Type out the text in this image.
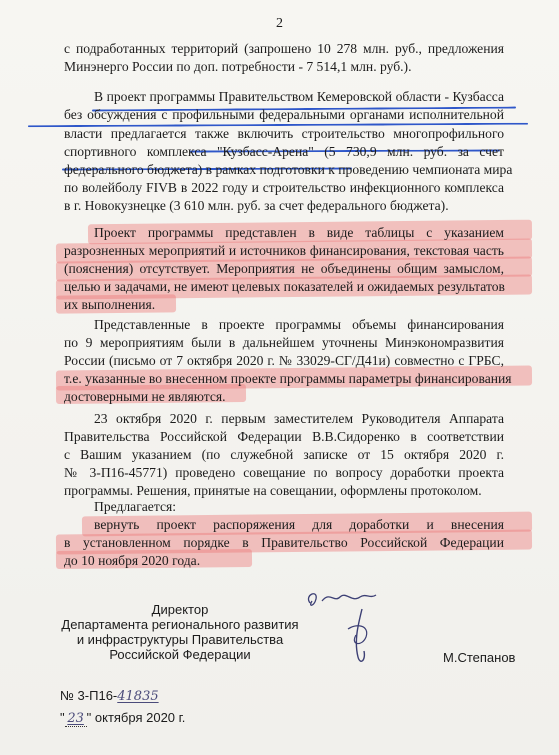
2
с подработанных территорий (запрошено 10 278 млн. руб., предложения
Минэнерго России по доп. потребности - 7 514,1 млн. руб.).
В проект программы Правительством Кемеровской области - Кузбасса
без обсуждения с профильными федеральными органами исполнительной
власти предлагается также включить строительство многопрофильного
спортивного комплекса "Кузбасс-Арена" (5 730,9 млн. руб. за счет
федерального бюджета) в рамках подготовки к проведению чемпионата мира
по волейболу FIVB в 2022 году и строительство инфекционного комплекса
в г. Новокузнецке (3 610 млн. руб. за счет федерального бюджета).
Проект программы представлен в виде таблицы с указанием
разрозненных мероприятий и источников финансирования, текстовая часть
(пояснения) отсутствует. Мероприятия не объединены общим замыслом,
целью и задачами, не имеют целевых показателей и ожидаемых результатов
их выполнения.
Представленные в проекте программы объемы финансирования
по 9 мероприятиям были в дальнейшем уточнены Минэкономразвития
России (письмо от 7 октября 2020 г. № 33029-СГ/Д41и) совместно с ГРБС,
т.е. указанные во внесенном проекте программы параметры финансирования
достоверными не являются.
23 октября 2020 г. первым заместителем Руководителя Аппарата
Правительства Российской Федерации В.В.Сидоренко в соответствии
с Вашим указанием (по служебной записке от 15 октября 2020 г.
№ 3-П16-45771) проведено совещание по вопросу доработки проекта
программы. Решения, принятые на совещании, оформлены протоколом.
Предлагается:
вернуть проект распоряжения для доработки и внесения
в установленном порядке в Правительство Российской Федерации
до 10 ноября 2020 года.
Директор
Департамента регионального развития
и инфраструктуры Правительства
Российской Федерации	М.Степанов
№ 3-П16-41835
" 23 " октября 2020 г.
